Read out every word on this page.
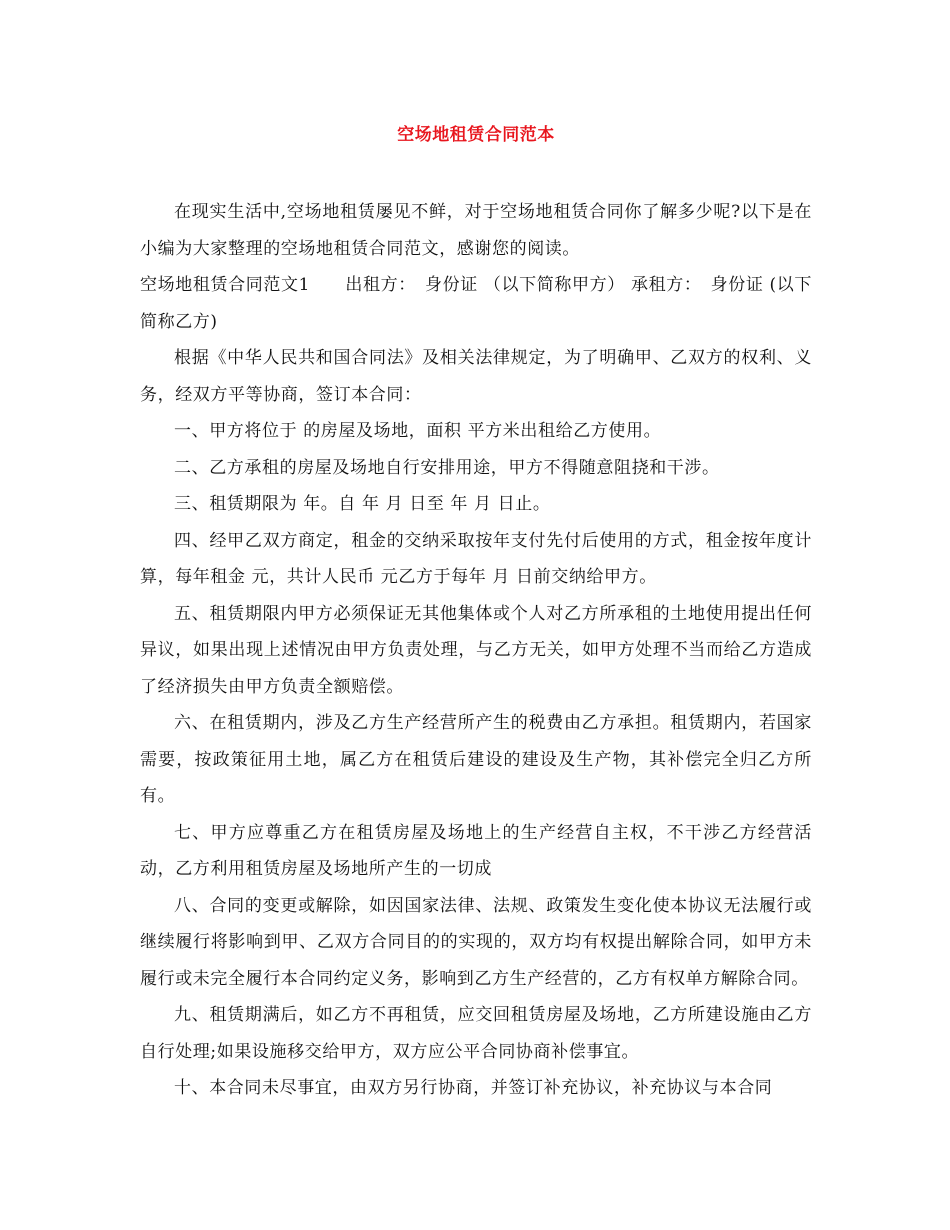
空场地租赁合同范本

在现实生活中,空场地租赁屡见不鲜，对于空场地租赁合同你了解多少呢?以下是在小编为大家整理的空场地租赁合同范文，感谢您的阅读。

空场地租赁合同范文1　　出租方：　身份证 （以下简称甲方） 承租方：　身份证 (以下简称乙方)

根据《中华人民共和国合同法》及相关法律规定，为了明确甲、乙双方的权利、义务，经双方平等协商，签订本合同：

一、甲方将位于 的房屋及场地，面积 平方米出租给乙方使用。

二、乙方承租的房屋及场地自行安排用途，甲方不得随意阻挠和干涉。

三、租赁期限为 年。自 年 月 日至 年 月 日止。

四、经甲乙双方商定，租金的交纳采取按年支付先付后使用的方式，租金按年度计算，每年租金 元，共计人民币 元乙方于每年 月 日前交纳给甲方。

五、租赁期限内甲方必须保证无其他集体或个人对乙方所承租的土地使用提出任何异议，如果出现上述情况由甲方负责处理，与乙方无关，如甲方处理不当而给乙方造成了经济损失由甲方负责全额赔偿。

六、在租赁期内，涉及乙方生产经营所产生的税费由乙方承担。租赁期内，若国家需要，按政策征用土地，属乙方在租赁后建设的建设及生产物，其补偿完全归乙方所有。

七、甲方应尊重乙方在租赁房屋及场地上的生产经营自主权，不干涉乙方经营活动，乙方利用租赁房屋及场地所产生的一切成

八、合同的变更或解除，如因国家法律、法规、政策发生变化使本协议无法履行或继续履行将影响到甲、乙双方合同目的的实现的，双方均有权提出解除合同，如甲方未履行或未完全履行本合同约定义务，影响到乙方生产经营的，乙方有权单方解除合同。

九、租赁期满后，如乙方不再租赁，应交回租赁房屋及场地，乙方所建设施由乙方自行处理;如果设施移交给甲方，双方应公平合同协商补偿事宜。

十、本合同未尽事宜，由双方另行协商，并签订补充协议，补充协议与本合同
